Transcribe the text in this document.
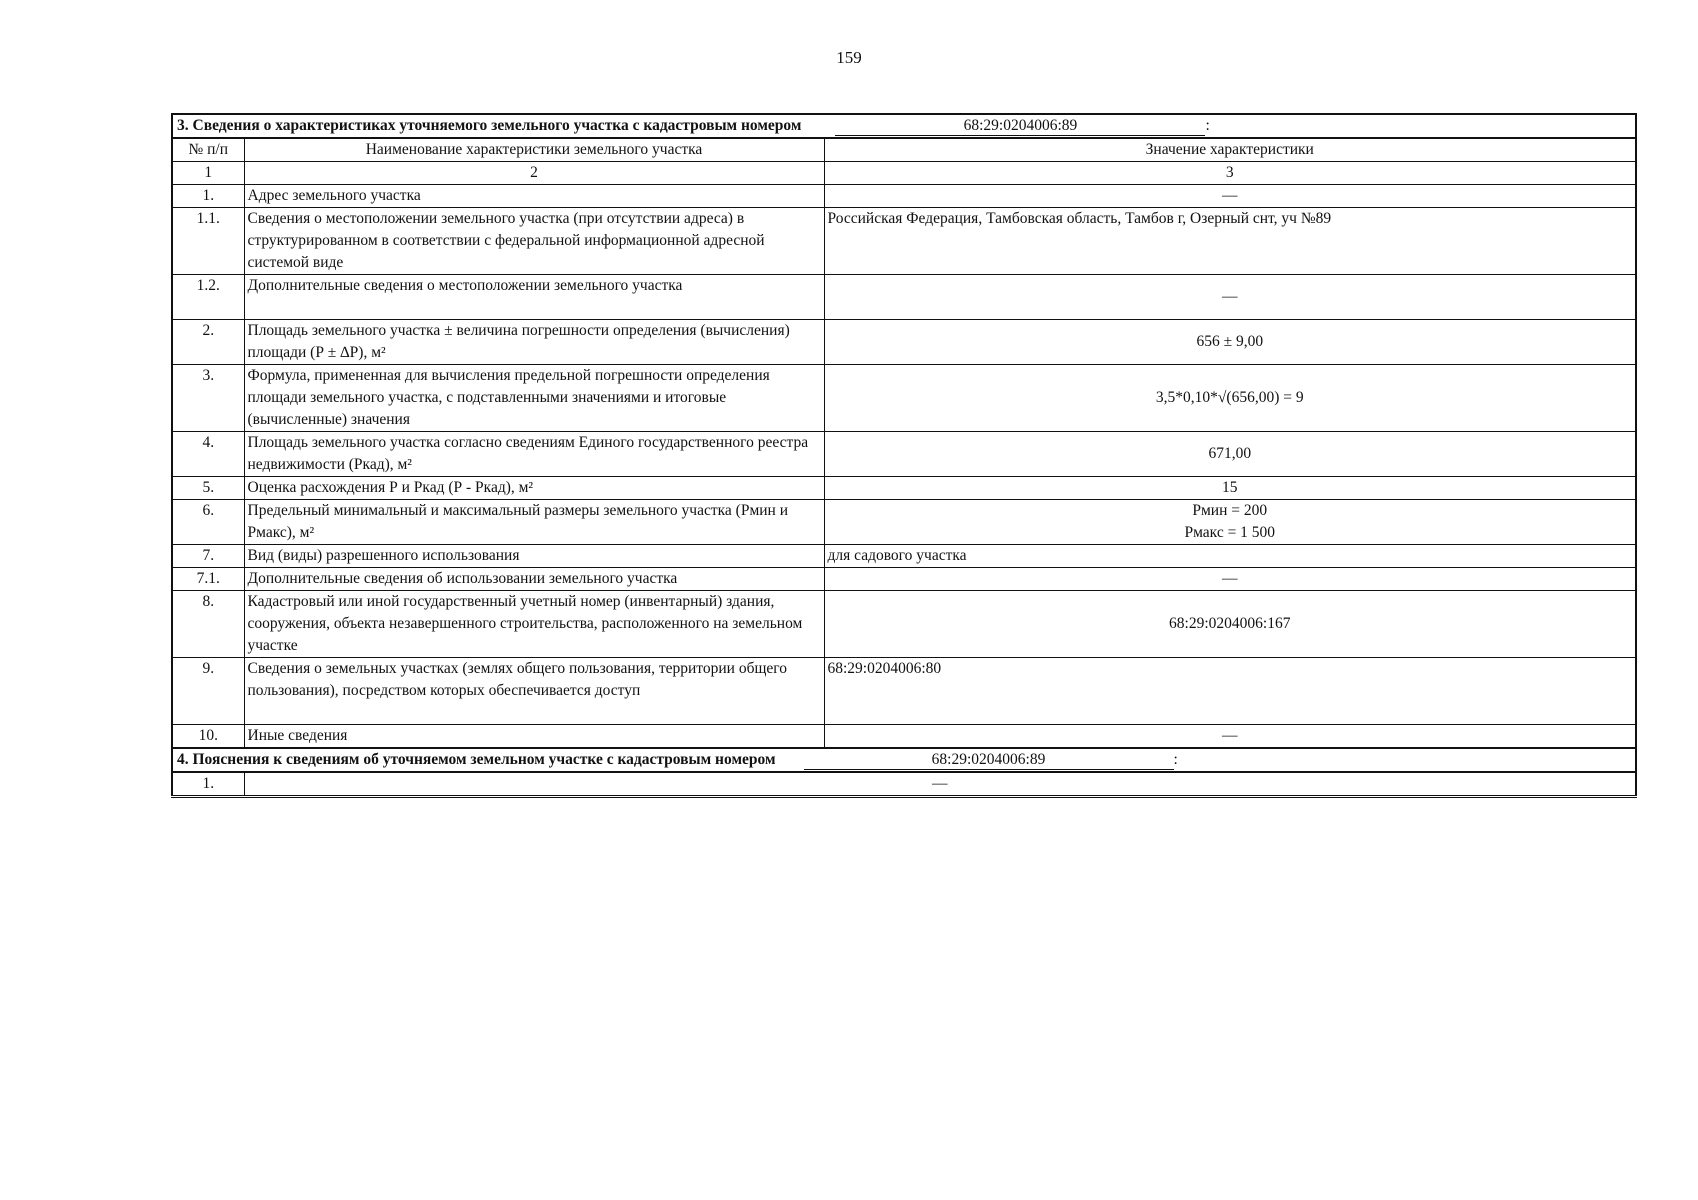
159
3. Сведения о характеристиках уточняемого земельного участка с кадастровым номером 68:29:0204006:89 :		
№ п/п	Наименование характеристики земельного участка	Значение характеристики
1	2	3
1.	Адрес земельного участка	—
1.1.	Сведения о местоположении земельного участка (при отсутствии адреса) в структурированном в соответствии с федеральной информационной адресной системой виде	Российская Федерация, Тамбовская область, Тамбов г, Озерный снт, уч №89
1.2.	Дополнительные сведения о местоположении земельного участка	—
2.	Площадь земельного участка ± величина погрешности определения (вычисления) площади (Р ± ∆Р), м²	656 ± 9,00
3.	Формула, примененная для вычисления предельной погрешности определения площади земельного участка, с подставленными значениями и итоговые (вычисленные) значения	3,5*0,10*√(656,00) = 9
4.	Площадь земельного участка согласно сведениям Единого государственного реестра недвижимости (Ркад), м²	671,00
5.	Оценка расхождения Р и Ркад (Р - Ркад), м²	15
6.	Предельный минимальный и максимальный размеры земельного участка (Рмин и Рмакс), м²	Рмин = 200
Рмакс = 1 500

7.	Вид (виды) разрешенного использования	для садового участка
7.1.	Дополнительные сведения об использовании земельного участка	—
8.	Кадастровый или иной государственный учетный номер (инвентарный) здания, сооружения, объекта незавершенного строительства, расположенного на земельном участке	68:29:0204006:167
9.	Сведения о земельных участках (землях общего пользования, территории общего пользования), посредством которых обеспечивается доступ	68:29:0204006:80
10.	Иные сведения	—
4. Пояснения к сведениям об уточняемом земельном участке с кадастровым номером 68:29:0204006:89 :		
1.	—	
